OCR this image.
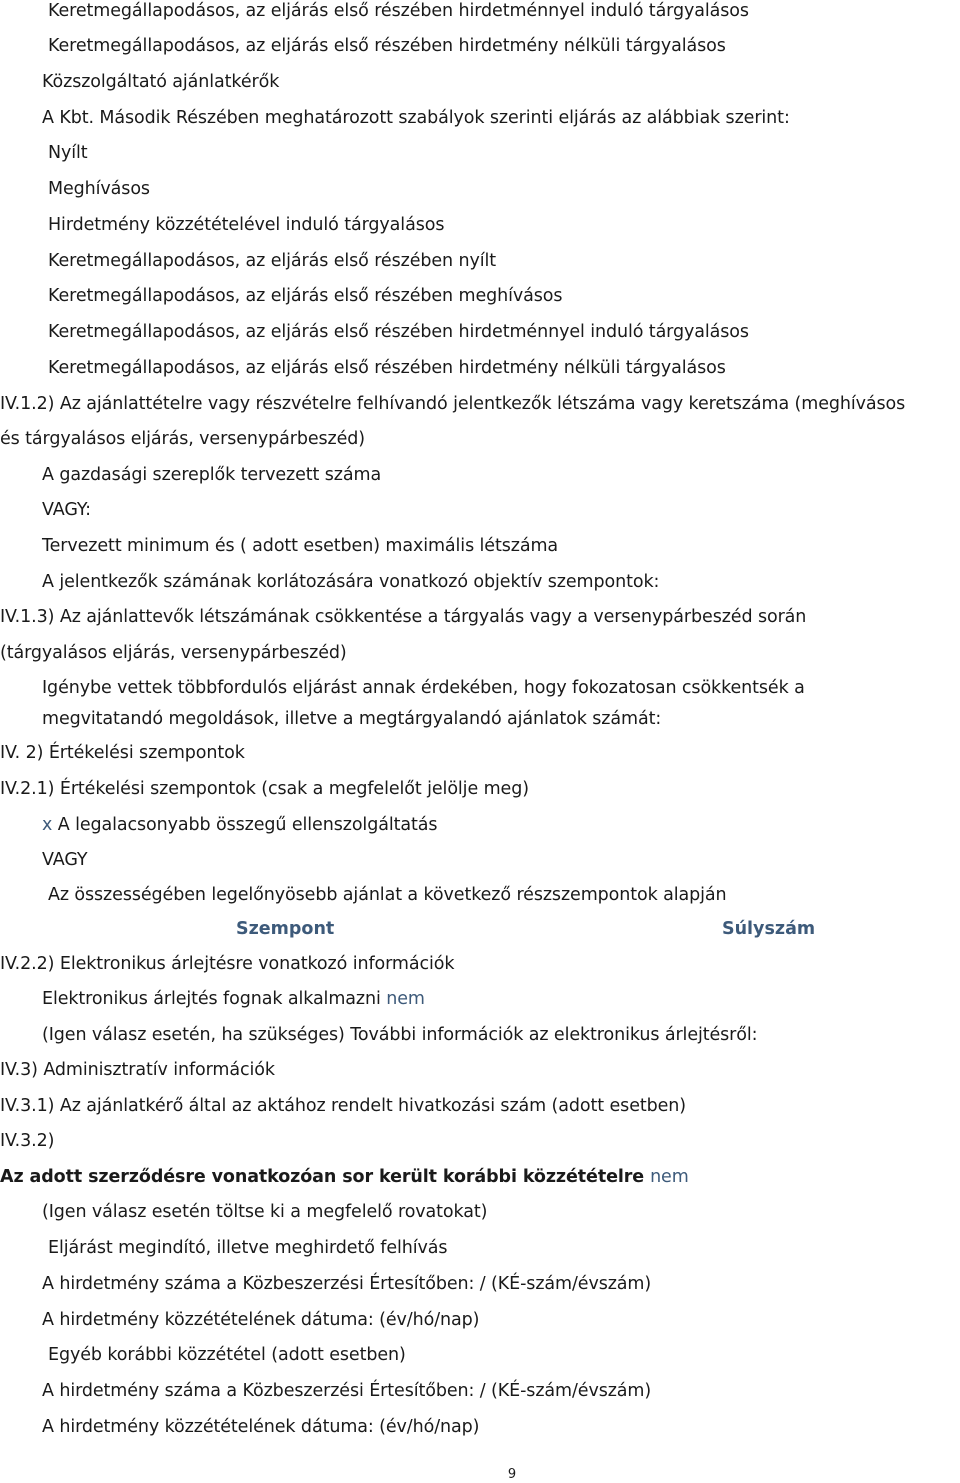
Keretmegállapodásos, az eljárás első részében hirdetménnyel induló tárgyalásos
Keretmegállapodásos, az eljárás első részében hirdetmény nélküli tárgyalásos
Közszolgáltató ajánlatkérők
A Kbt. Második Részében meghatározott szabályok szerinti eljárás az alábbiak szerint:
Nyílt
Meghívásos
Hirdetmény közzétételével induló tárgyalásos
Keretmegállapodásos, az eljárás első részében nyílt
Keretmegállapodásos, az eljárás első részében meghívásos
Keretmegállapodásos, az eljárás első részében hirdetménnyel induló tárgyalásos
Keretmegállapodásos, az eljárás első részében hirdetmény nélküli tárgyalásos
IV.1.2) Az ajánlattételre vagy részvételre felhívandó jelentkezők létszáma vagy keretszáma (meghívásos
és tárgyalásos eljárás, versenypárbeszéd)
A gazdasági szereplők tervezett száma
VAGY:
Tervezett minimum és ( adott esetben) maximális létszáma
A jelentkezők számának korlátozására vonatkozó objektív szempontok:
IV.1.3) Az ajánlattevők létszámának csökkentése a tárgyalás vagy a versenypárbeszéd során
(tárgyalásos eljárás, versenypárbeszéd)
Igénybe vettek többfordulós eljárást annak érdekében, hogy fokozatosan csökkentsék a
megvitatandó megoldások, illetve a megtárgyalandó ajánlatok számát:
IV. 2) Értékelési szempontok
IV.2.1) Értékelési szempontok (csak a megfelelőt jelölje meg)
x A legalacsonyabb összegű ellenszolgáltatás
VAGY
Az összességében legelőnyösebb ajánlat a következő részszempontok alapján
Szempont	Súlyszám
IV.2.2) Elektronikus árlejtésre vonatkozó információk
Elektronikus árlejtés fognak alkalmazni nem
(Igen válasz esetén, ha szükséges) További információk az elektronikus árlejtésről:
IV.3) Adminisztratív információk
IV.3.1) Az ajánlatkérő által az aktához rendelt hivatkozási szám (adott esetben)
IV.3.2)
Az adott szerződésre vonatkozóan sor került korábbi közzétételre nem
(Igen válasz esetén töltse ki a megfelelő rovatokat)
Eljárást megindító, illetve meghirdető felhívás
A hirdetmény száma a Közbeszerzési Értesítőben: / (KÉ-szám/évszám)
A hirdetmény közzétételének dátuma: (év/hó/nap)
Egyéb korábbi közzététel (adott esetben)
A hirdetmény száma a Közbeszerzési Értesítőben: / (KÉ-szám/évszám)
A hirdetmény közzétételének dátuma: (év/hó/nap)
9
